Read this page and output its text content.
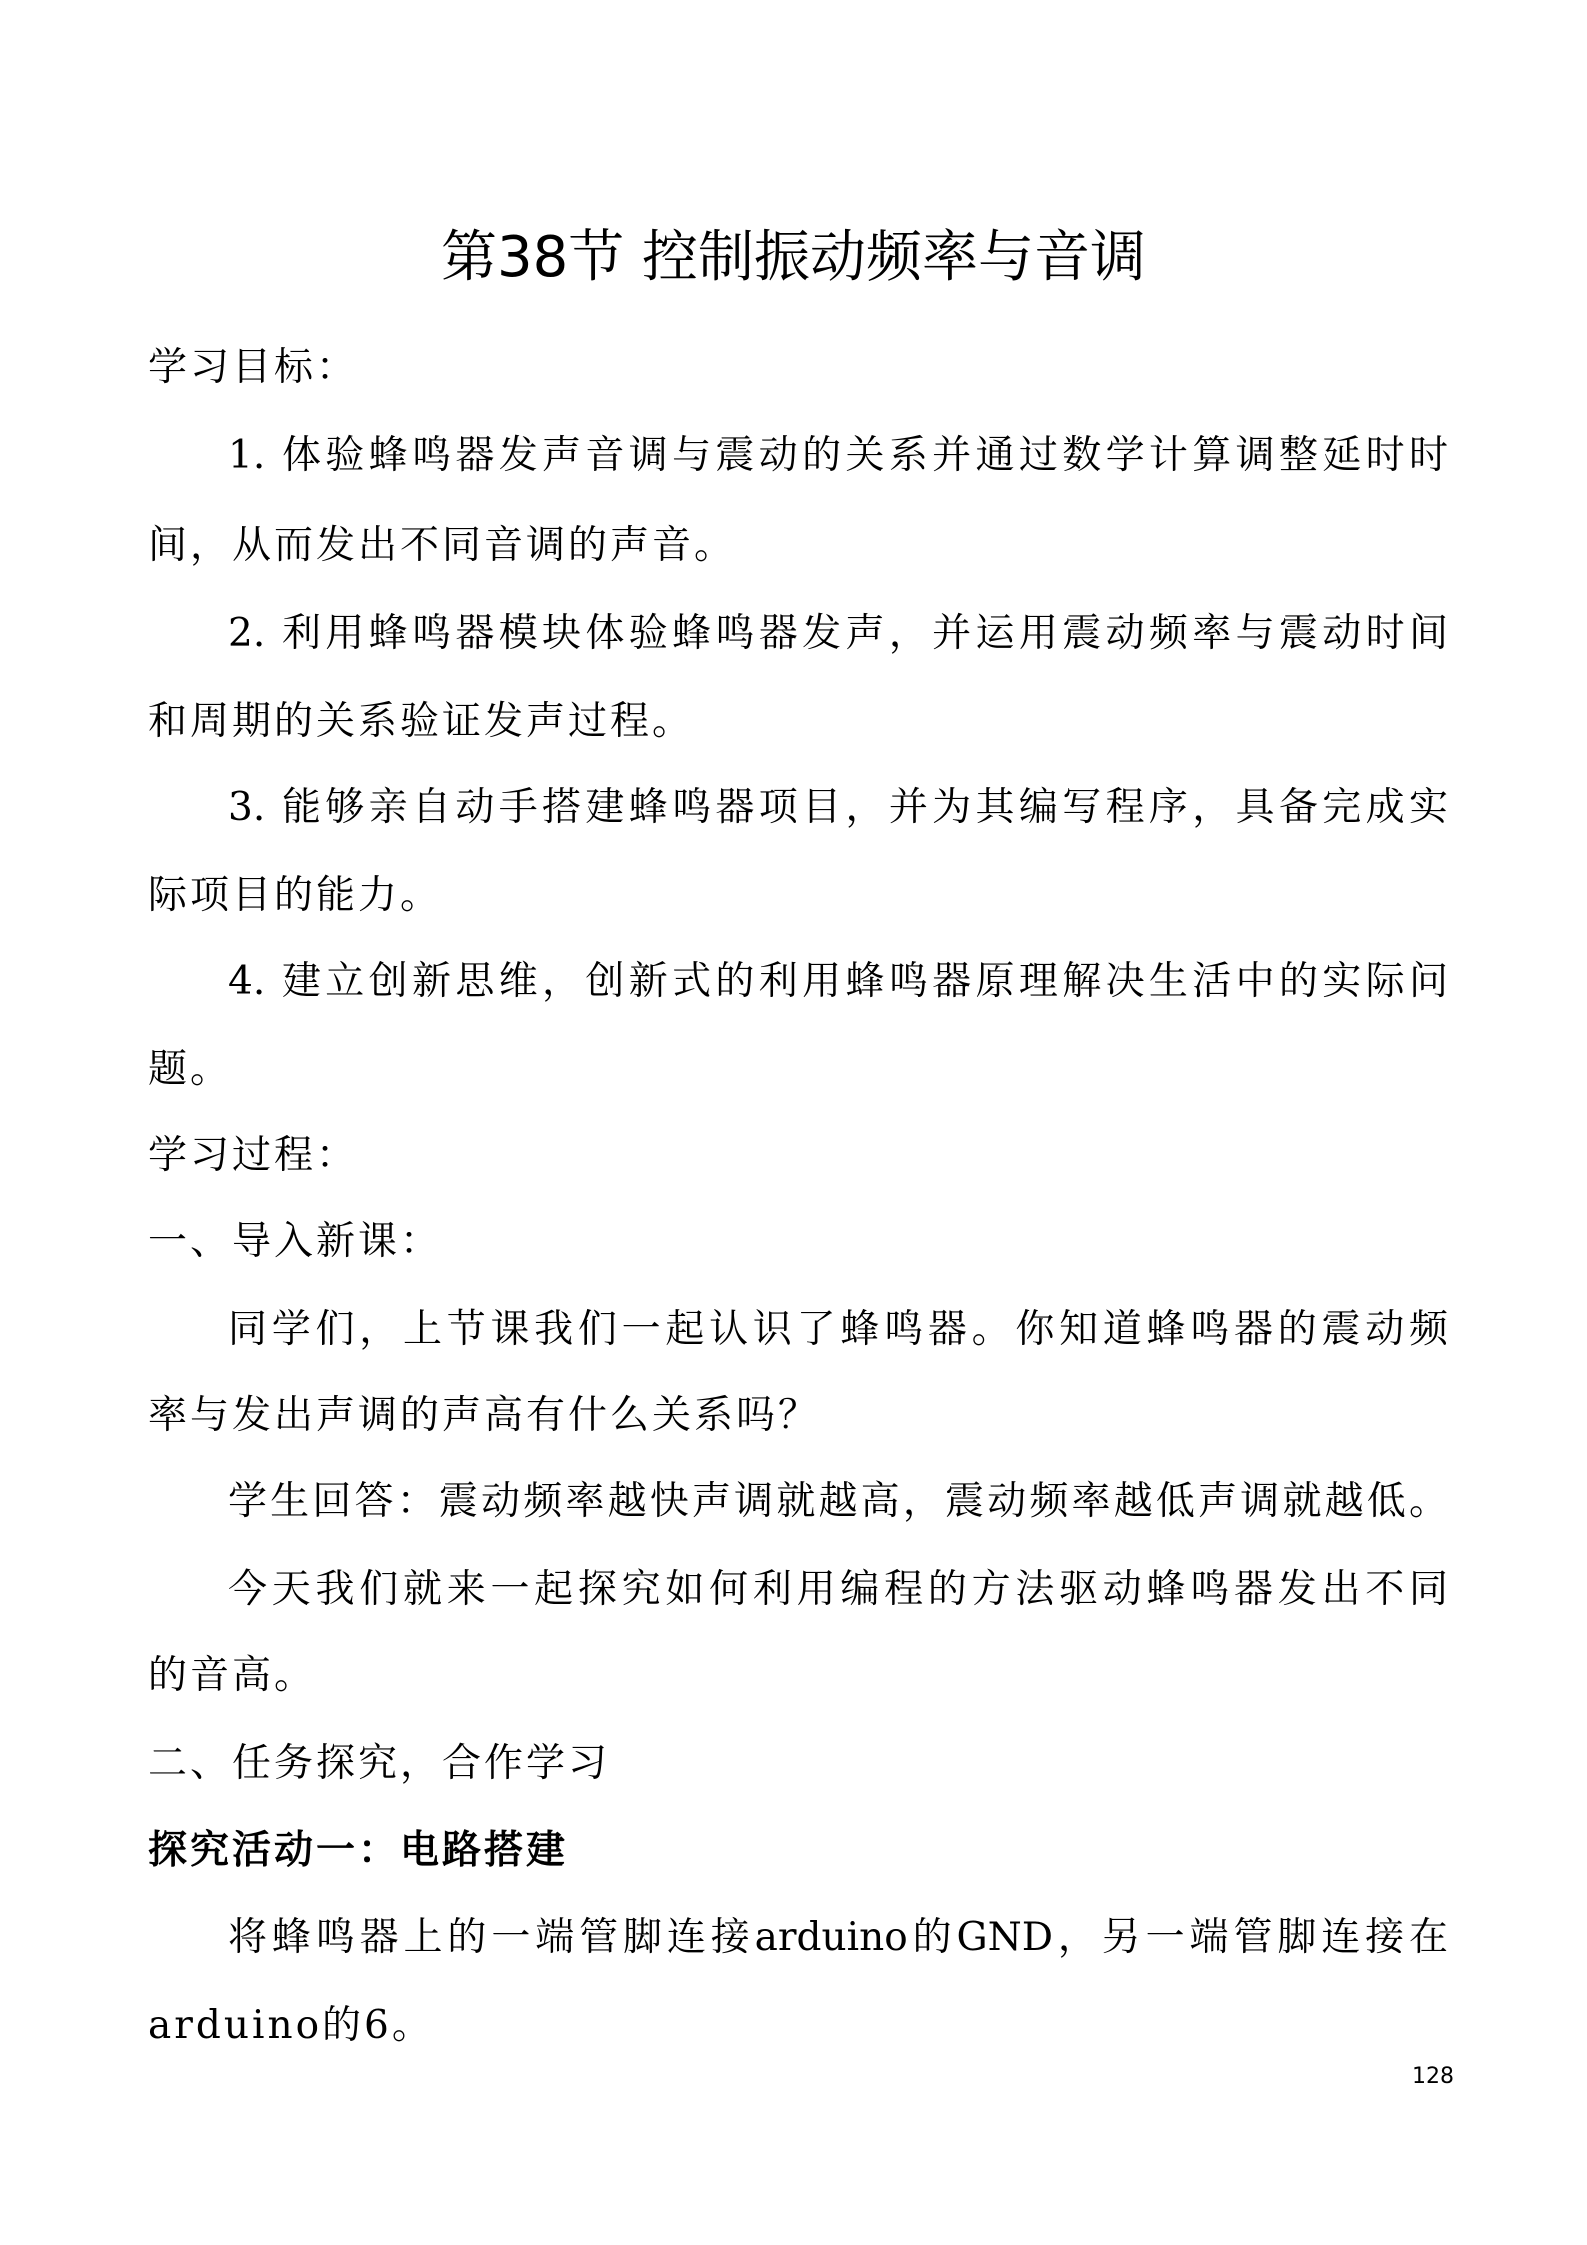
第38节 控制振动频率与音调
学习目标：
1. 体验蜂鸣器发声音调与震动的关系并通过数学计算调整延时时
间，从而发出不同音调的声音。
2. 利用蜂鸣器模块体验蜂鸣器发声，并运用震动频率与震动时间
和周期的关系验证发声过程。
3. 能够亲自动手搭建蜂鸣器项目，并为其编写程序，具备完成实
际项目的能力。
4. 建立创新思维，创新式的利用蜂鸣器原理解决生活中的实际问
题。
学习过程：
一、导入新课：
同学们，上节课我们一起认识了蜂鸣器。你知道蜂鸣器的震动频
率与发出声调的声高有什么关系吗？
学生回答：震动频率越快声调就越高，震动频率越低声调就越低。
今天我们就来一起探究如何利用编程的方法驱动蜂鸣器发出不同
的音高。
二、任务探究，合作学习
探究活动一：电路搭建
将蜂鸣器上的一端管脚连接arduino的GND，另一端管脚连接在
arduino的6。
128
